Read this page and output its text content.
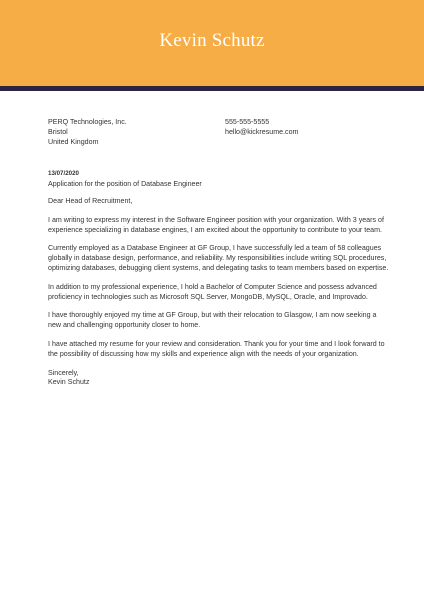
Kevin Schutz
PERQ Technologies, Inc.
Bristol
United Kingdom
555-555-5555
hello@kickresume.com
13/07/2020
Application for the position of Database Engineer

Dear Head of Recruitment,

I am writing to express my interest in the Software Engineer position with your organization. With 3 years of experience specializing in database engines, I am excited about the opportunity to contribute to your team.

Currently employed as a Database Engineer at GF Group, I have successfully led a team of 58 colleagues globally in database design, performance, and reliability. My responsibilities include writing SQL procedures, optimizing databases, debugging client systems, and delegating tasks to team members based on expertise.

In addition to my professional experience, I hold a Bachelor of Computer Science and possess advanced proficiency in technologies such as Microsoft SQL Server, MongoDB, MySQL, Oracle, and Improvado.

I have thoroughly enjoyed my time at GF Group, but with their relocation to Glasgow, I am now seeking a new and challenging opportunity closer to home.

I have attached my resume for your review and consideration. Thank you for your time and I look forward to the possibility of discussing how my skills and experience align with the needs of your organization.

Sincerely,
Kevin Schutz
